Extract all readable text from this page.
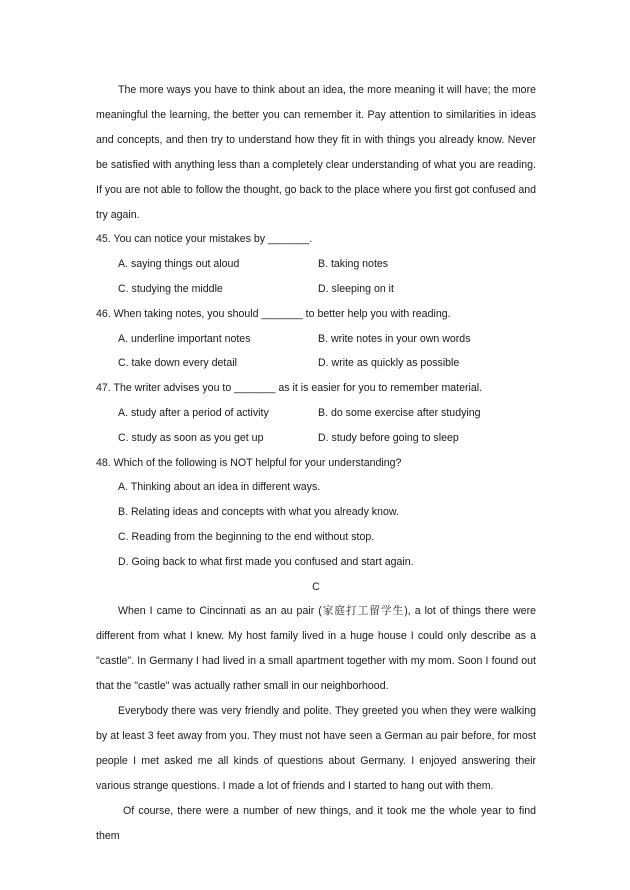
The more ways you have to think about an idea, the more meaning it will have; the more meaningful the learning, the better you can remember it. Pay attention to similarities in ideas and concepts, and then try to understand how they fit in with things you already know. Never be satisfied with anything less than a completely clear understanding of what you are reading. If you are not able to follow the thought, go back to the place where you first got confused and try again.

45. You can notice your mistakes by _______.
A. saying things out aloud	B. taking notes
C. studying the middle	D. sleeping on it
46. When taking notes, you should _______ to better help you with reading.
A. underline important notes	B. write notes in your own words
C. take down every detail	D. write as quickly as possible
47. The writer advises you to _______ as it is easier for you to remember material.
A. study after a period of activity	B. do some exercise after studying
C. study as soon as you get up	D. study before going to sleep
48. Which of the following is NOT helpful for your understanding?
A. Thinking about an idea in different ways.
B. Relating ideas and concepts with what you already know.
C. Reading from the beginning to the end without stop.
D. Going back to what first made you confused and start again.
C

When I came to Cincinnati as an au pair (家庭打工留学生), a lot of things there were different from what I knew. My host family lived in a huge house I could only describe as a "castle". In Germany I had lived in a small apartment together with my mom. Soon I found out that the "castle" was actually rather small in our neighborhood.

Everybody there was very friendly and polite. They greeted you when they were walking by at least 3 feet away from you. They must not have seen a German au pair before, for most people I met asked me all kinds of questions about Germany. I enjoyed answering their various strange questions. I made a lot of friends and I started to hang out with them.

Of course, there were a number of new things, and it took me the whole year to find them
